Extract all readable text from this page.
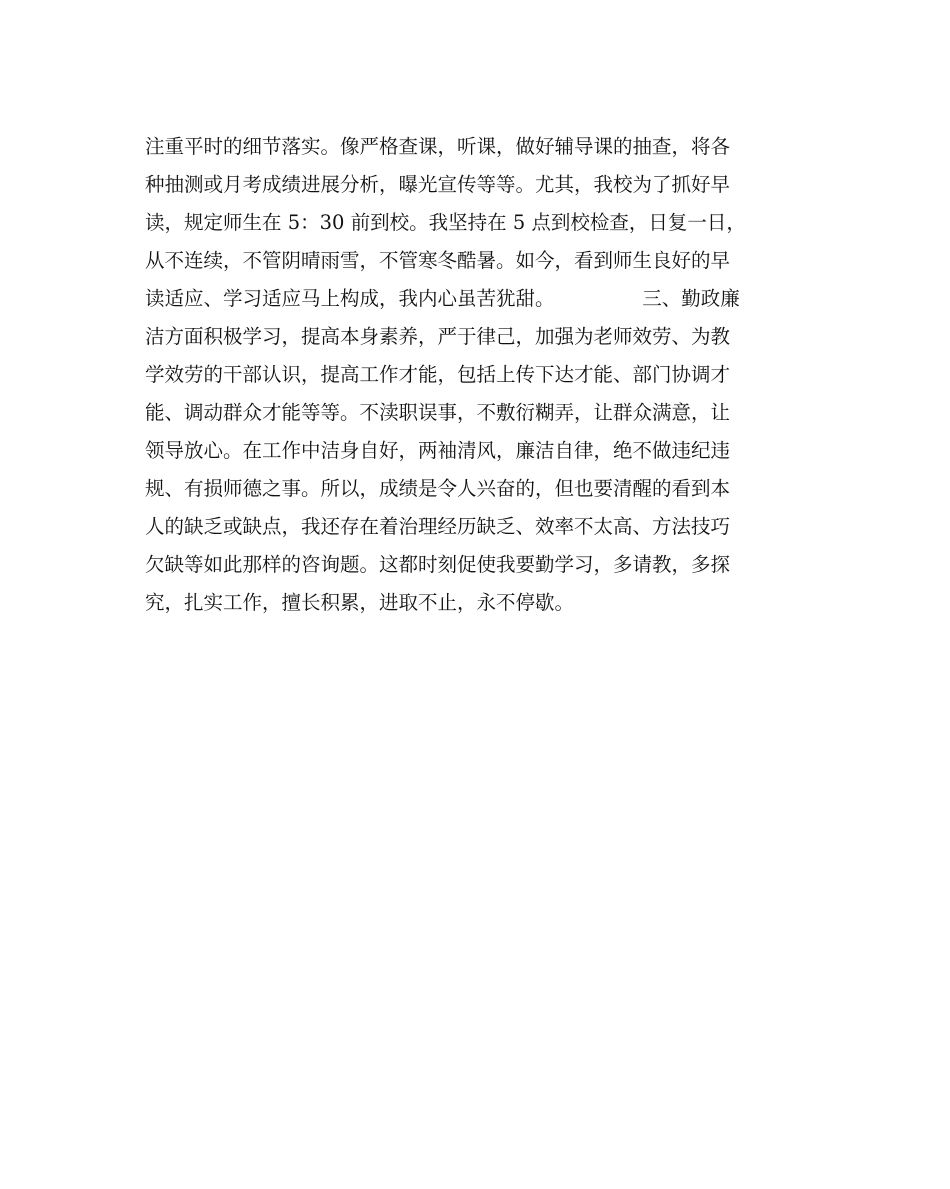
注重平时的细节落实。像严格查课，听课，做好辅导课的抽查，将各
种抽测或月考成绩进展分析，曝光宣传等等。尤其，我校为了抓好早
读，规定师生在 5：30 前到校。我坚持在 5 点到校检查，日复一日，
从不连续，不管阴晴雨雪，不管寒冬酷暑。如今，看到师生良好的早
读适应、学习适应马上构成，我内心虽苦犹甜。　　　　　三、勤政廉
洁方面积极学习，提高本身素养，严于律己，加强为老师效劳、为教
学效劳的干部认识，提高工作才能，包括上传下达才能、部门协调才
能、调动群众才能等等。不渎职误事，不敷衍糊弄，让群众满意，让
领导放心。在工作中洁身自好，两袖清风，廉洁自律，绝不做违纪违
规、有损师德之事。所以，成绩是令人兴奋的，但也要清醒的看到本
人的缺乏或缺点，我还存在着治理经历缺乏、效率不太高、方法技巧
欠缺等如此那样的咨询题。这都时刻促使我要勤学习，多请教，多探
究，扎实工作，擅长积累，进取不止，永不停歇。
